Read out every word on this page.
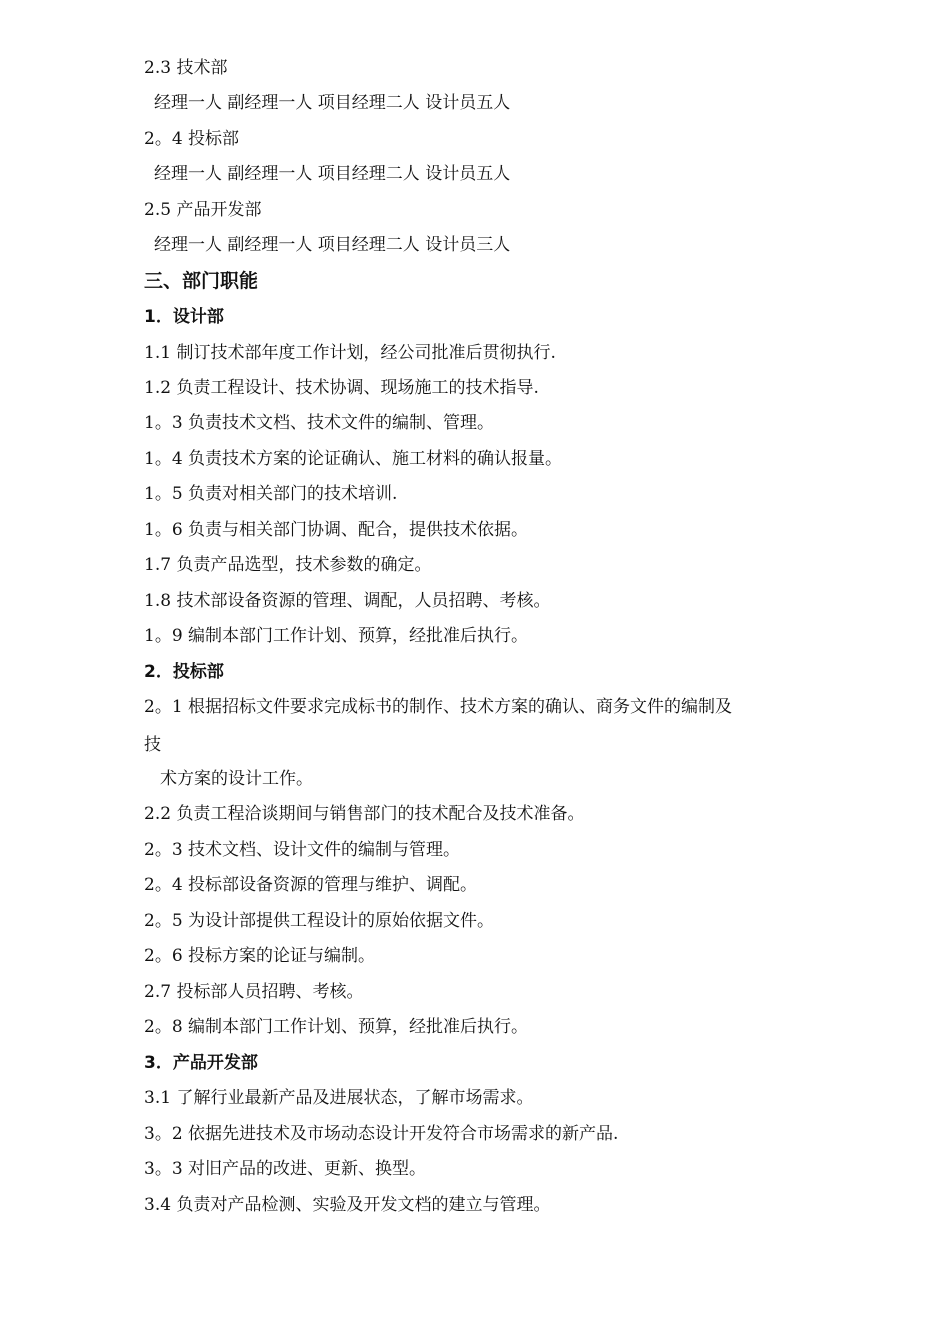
2.3 技术部
经理一人 副经理一人 项目经理二人 设计员五人
2。4 投标部
经理一人 副经理一人 项目经理二人 设计员五人
2.5 产品开发部
经理一人 副经理一人 项目经理二人 设计员三人
三、部门职能
1．设计部
1.1 制订技术部年度工作计划，经公司批准后贯彻执行.
1.2 负责工程设计、技术协调、现场施工的技术指导.
1。3 负责技术文档、技术文件的编制、管理。
1。4 负责技术方案的论证确认、施工材料的确认报量。
1。5 负责对相关部门的技术培训.
1。6 负责与相关部门协调、配合，提供技术依据。
1.7 负责产品选型，技术参数的确定。
1.8 技术部设备资源的管理、调配，人员招聘、考核。
1。9 编制本部门工作计划、预算，经批准后执行。
2．投标部
2。1 根据招标文件要求完成标书的制作、技术方案的确认、商务文件的编制及
技
术方案的设计工作。
2.2 负责工程洽谈期间与销售部门的技术配合及技术准备。
2。3 技术文档、设计文件的编制与管理。
2。4 投标部设备资源的管理与维护、调配。
2。5 为设计部提供工程设计的原始依据文件。
2。6 投标方案的论证与编制。
2.7 投标部人员招聘、考核。
2。8 编制本部门工作计划、预算，经批准后执行。
3．产品开发部
3.1 了解行业最新产品及进展状态，了解市场需求。
3。2 依据先进技术及市场动态设计开发符合市场需求的新产品.
3。3 对旧产品的改进、更新、换型。
3.4 负责对产品检测、实验及开发文档的建立与管理。
